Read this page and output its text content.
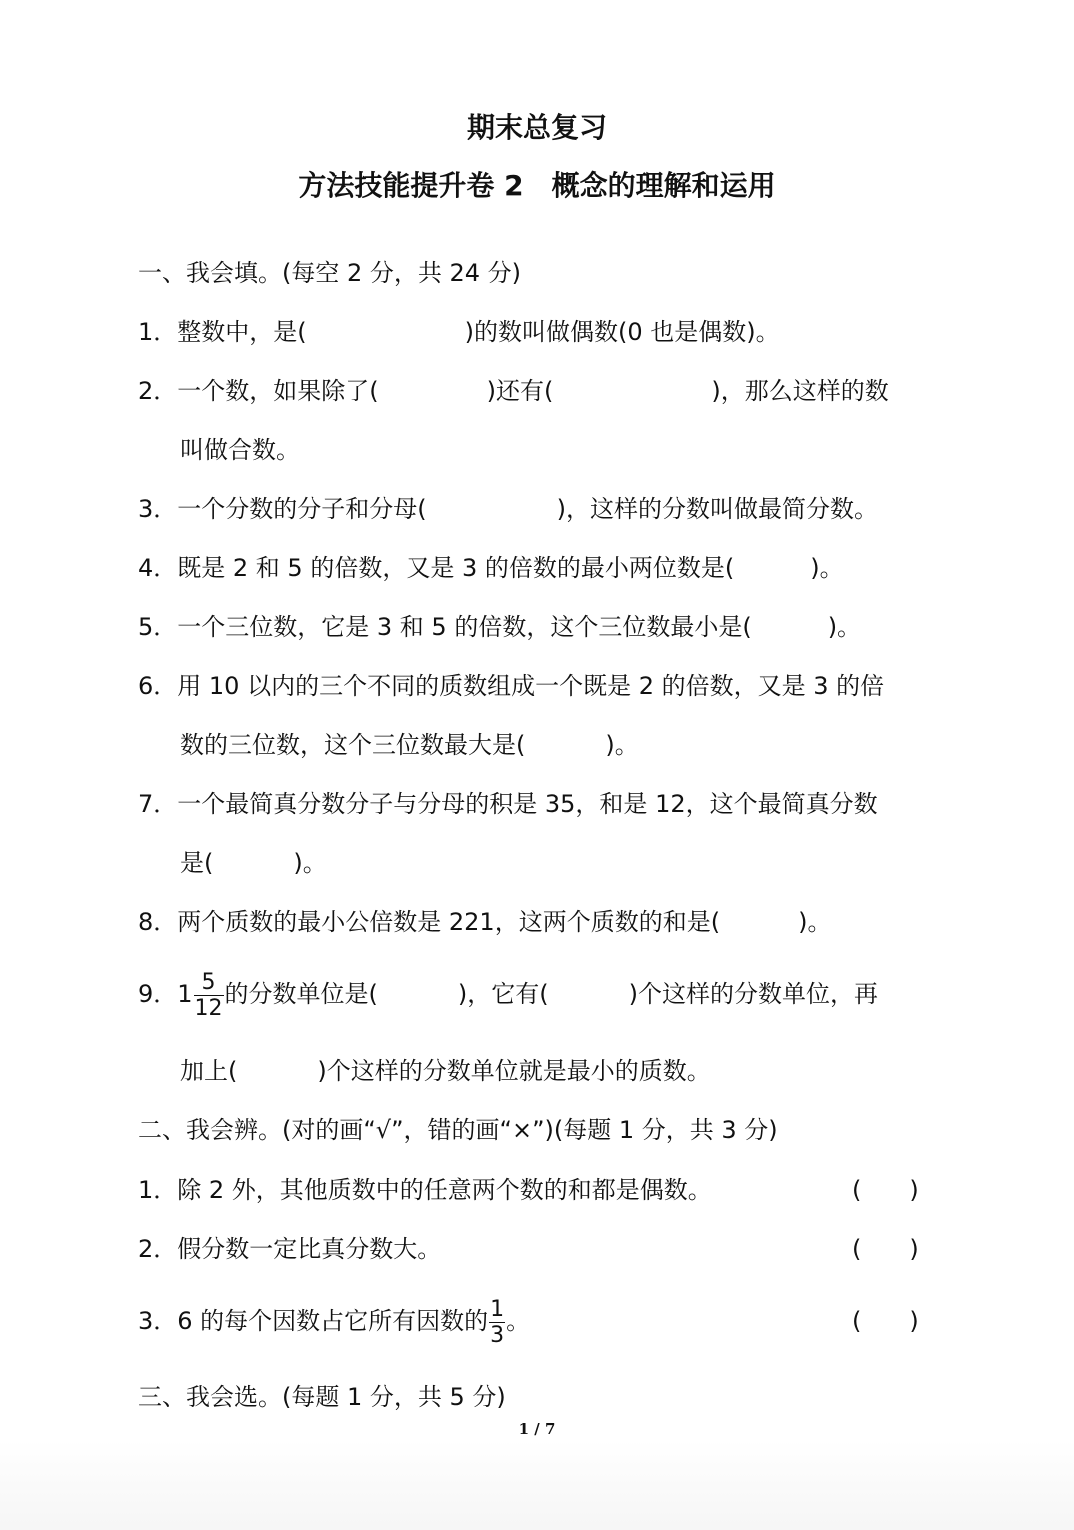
期末总复习
方法技能提升卷 2　概念的理解和运用
一、我会填。(每空 2 分，共 24 分)
1．整数中，是(	)的数叫做偶数(0 也是偶数)。
2．一个数，如果除了(	)还有(	)，那么这样的数
叫做合数。
3．一个分数的分子和分母(	)，这样的分数叫做最简分数。
4．既是 2 和 5 的倍数，又是 3 的倍数的最小两位数是(	)。
5．一个三位数，它是 3 和 5 的倍数，这个三位数最小是(	)。
6．用 10 以内的三个不同的质数组成一个既是 2 的倍数，又是 3 的倍
数的三位数，这个三位数最大是(	)。
7．一个最简真分数分子与分母的积是 35，和是 12，这个最简真分数
是(	)。
8．两个质数的最小公倍数是 221，这两个质数的和是(	)。
9．$1 \frac{5}{12}$ 的分数单位是(	)，它有(	)个这样的分数单位，再
加上(	)个这样的分数单位就是最小的质数。
二、我会辨。(对的画“√”，错的画“×”)(每题 1 分，共 3 分)
1．除 2 外，其他质数中的任意两个数的和都是偶数。	(　　)
2．假分数一定比真分数大。	(　　)
3．6 的每个因数占它所有因数的 $\frac{1}{3}$ 。	(　　)
三、我会选。(每题 1 分，共 5 分)
1 / 7
